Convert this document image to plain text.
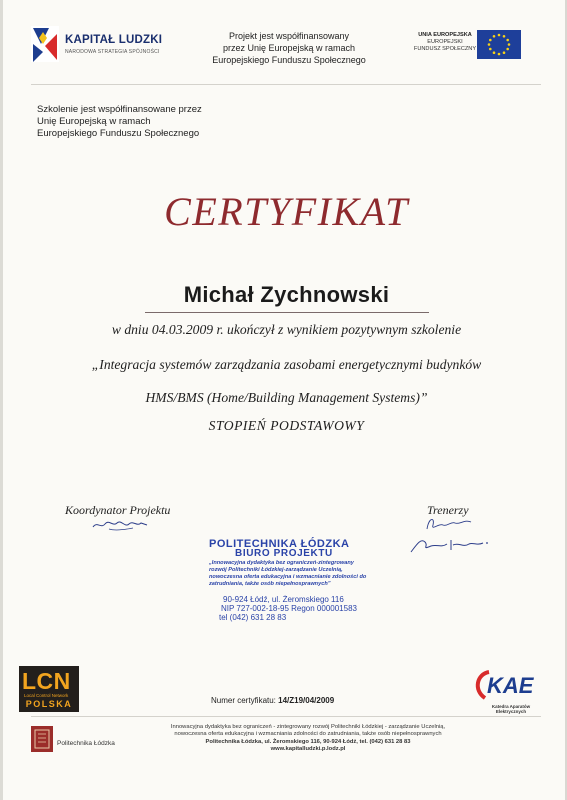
KAPITAŁ LUDZKI
NARODOWA STRATEGIA SPÓJNOŚCI
Projekt jest współfinansowany
przez Unię Europejską w ramach
Europejskiego Funduszu Społecznego
UNIA EUROPEJSKA
EUROPEJSKI
FUNDUSZ SPOŁECZNY
Szkolenie jest współfinansowane przez
Unię Europejską w ramach
Europejskiego Funduszu Społecznego
CERTYFIKAT
Michał Zychnowski
w dniu 04.03.2009 r. ukończył z wynikiem pozytywnym szkolenie
„Integracja systemów zarządzania zasobami energetycznymi budynków
HMS/BMS (Home/Building Management Systems)”
STOPIEŃ PODSTAWOWY
Koordynator Projektu	Trenerzy
POLITECHNIKA ŁÓDZKA
BIURO PROJEKTU
„Innowacyjna dydaktyka bez ograniczeń-zintegrowany rozwój Politechniki Łódzkiej-zarządzanie Uczelnią, nowoczesna oferta edukacyjna i wzmacnianie zdolności do zatrudniania, także osób niepełnosprawnych”
90-924 Łódź, ul. Żeromskiego 116
NIP 727-002-18-95 Regon 000001583
tel (042) 631 28 83
LCN
Local Control Network
POLSKA	Numer certyfikatu: 14/Z19/04/2009
KAE
Katedra Aparatów Elektrycznych
Politechnika Łódzka
Innowacyjna dydaktyka bez ograniczeń - zintegrowany rozwój Politechniki Łódzkiej - zarządzanie Uczelnią,
nowoczesna oferta edukacyjna i wzmacniania zdolności do zatrudniania, także osób niepełnosprawnych
Politechnika Łódzka, ul. Żeromskiego 116, 90-924 Łódź, tel. (042) 631 28 83
www.kapitalludzki.p.lodz.pl
